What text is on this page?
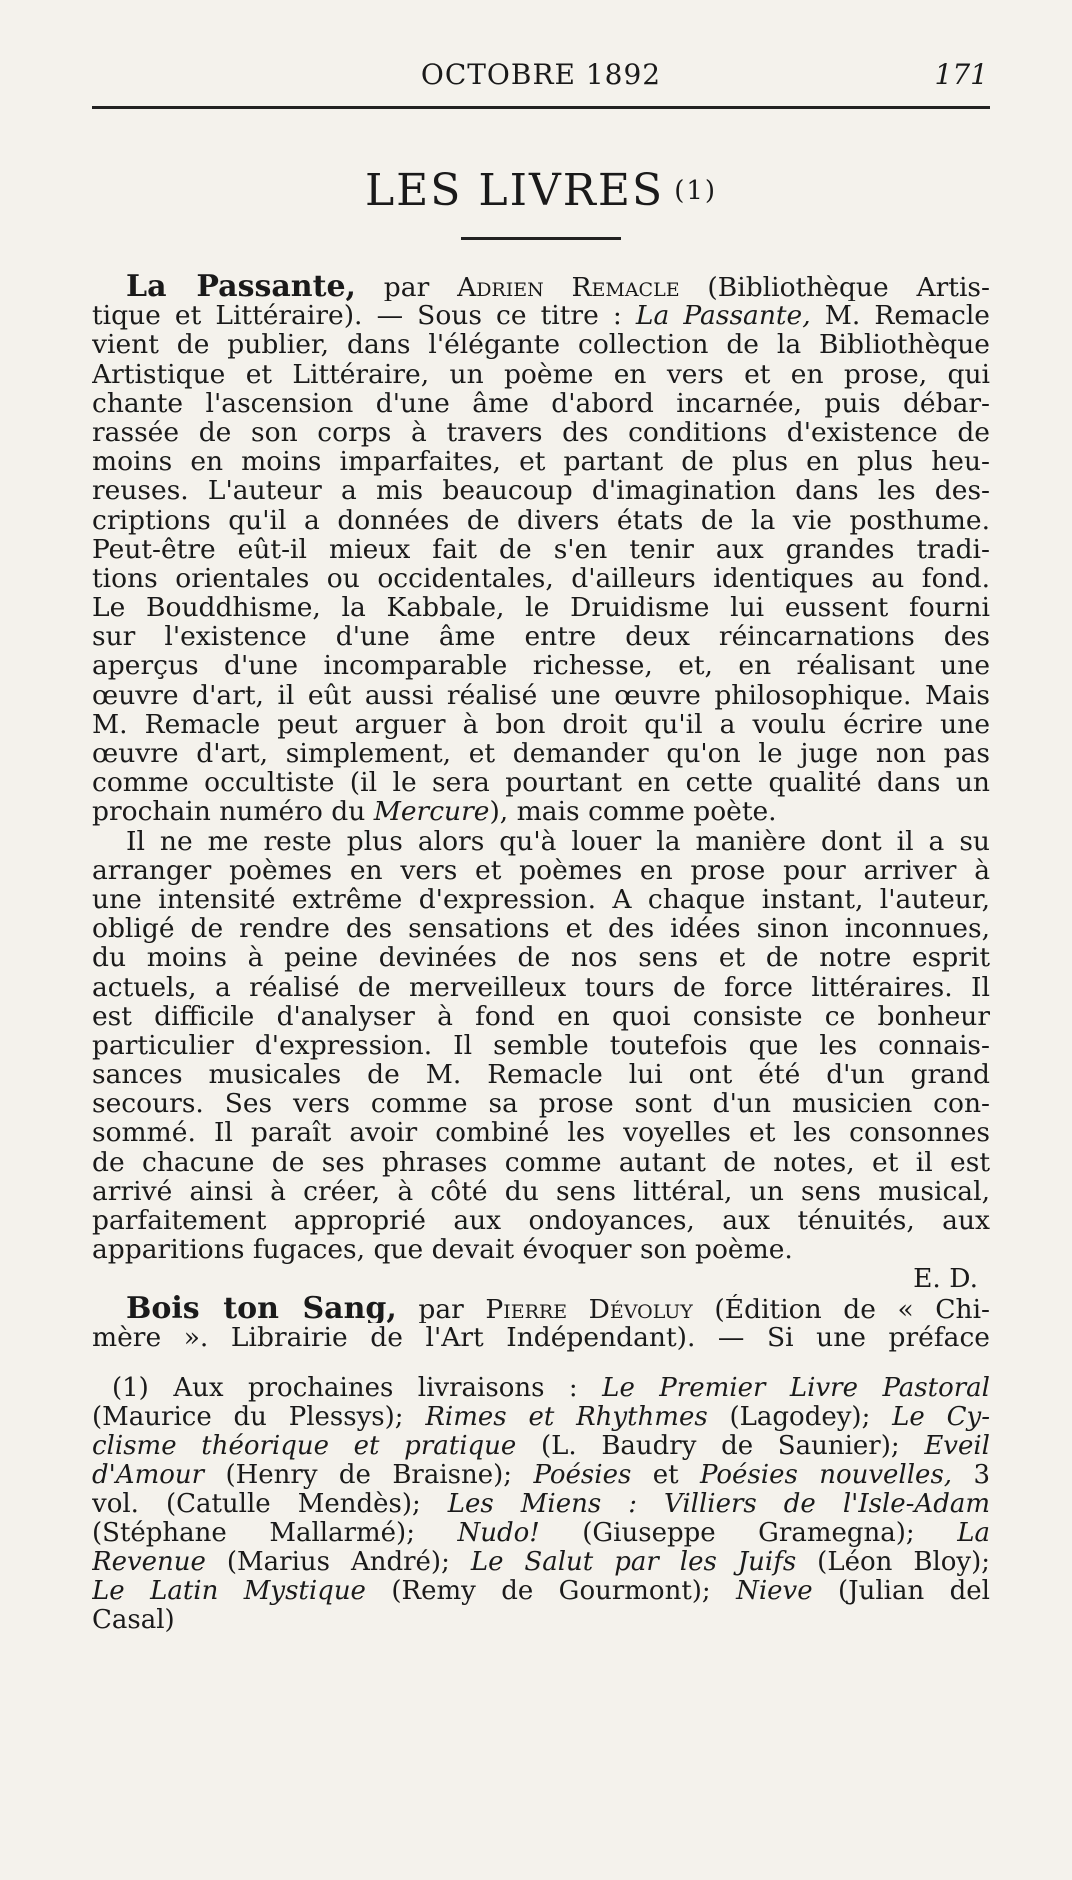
OCTOBRE 1892	171
LES LIVRES (1)
La Passante, par Adrien Remacle (Bibliothèque Artis-
tique et Littéraire). — Sous ce titre : La Passante, M. Remacle
vient de publier, dans l'élégante collection de la Bibliothèque
Artistique et Littéraire, un poème en vers et en prose, qui
chante l'ascension d'une âme d'abord incarnée, puis débar-
rassée de son corps à travers des conditions d'existence de
moins en moins imparfaites, et partant de plus en plus heu-
reuses. L'auteur a mis beaucoup d'imagination dans les des-
criptions qu'il a données de divers états de la vie posthume.
Peut-être eût-il mieux fait de s'en tenir aux grandes tradi-
tions orientales ou occidentales, d'ailleurs identiques au fond.
Le Bouddhisme, la Kabbale, le Druidisme lui eussent fourni
sur l'existence d'une âme entre deux réincarnations des
aperçus d'une incomparable richesse, et, en réalisant une
œuvre d'art, il eût aussi réalisé une œuvre philosophique. Mais
M. Remacle peut arguer à bon droit qu'il a voulu écrire une
œuvre d'art, simplement, et demander qu'on le juge non pas
comme occultiste (il le sera pourtant en cette qualité dans un
prochain numéro du Mercure), mais comme poète.
Il ne me reste plus alors qu'à louer la manière dont il a su
arranger poèmes en vers et poèmes en prose pour arriver à
une intensité extrême d'expression. A chaque instant, l'auteur,
obligé de rendre des sensations et des idées sinon inconnues,
du moins à peine devinées de nos sens et de notre esprit
actuels, a réalisé de merveilleux tours de force littéraires. Il
est difficile d'analyser à fond en quoi consiste ce bonheur
particulier d'expression. Il semble toutefois que les connais-
sances musicales de M. Remacle lui ont été d'un grand
secours. Ses vers comme sa prose sont d'un musicien con-
sommé. Il paraît avoir combiné les voyelles et les consonnes
de chacune de ses phrases comme autant de notes, et il est
arrivé ainsi à créer, à côté du sens littéral, un sens musical,
parfaitement approprié aux ondoyances, aux ténuités, aux
apparitions fugaces, que devait évoquer son poème.
E. D.
Bois ton Sang, par Pierre Dévoluy (Édition de « Chi-
mère ». Librairie de l'Art Indépendant). — Si une préface
(1) Aux prochaines livraisons : Le Premier Livre Pastoral
(Maurice du Plessys); Rimes et Rhythmes (Lagodey); Le Cy-
clisme théorique et pratique (L. Baudry de Saunier); Eveil
d'Amour (Henry de Braisne); Poésies et Poésies nouvelles, 3
vol. (Catulle Mendès); Les Miens : Villiers de l'Isle-Adam
(Stéphane Mallarmé); Nudo! (Giuseppe Gramegna); La
Revenue (Marius André); Le Salut par les Juifs (Léon Bloy);
Le Latin Mystique (Remy de Gourmont); Nieve (Julian del
Casal)
